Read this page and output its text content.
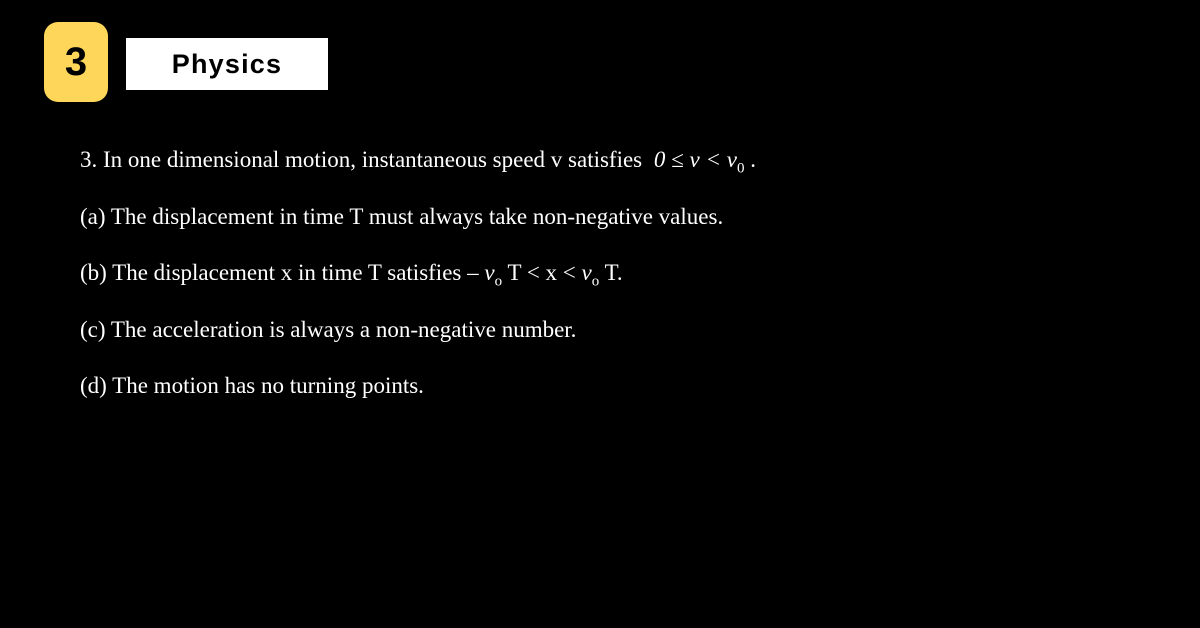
3	Physics
3. In one dimensional motion, instantaneous speed v satisfies $0 \le v < v_0$ .
(a) The displacement in time T must always take non-negative values.
(b) The displacement x in time T satisfies – $v_o$ $T < x < v_o$ T.
(c) The acceleration is always a non-negative number.
(d) The motion has no turning points.
